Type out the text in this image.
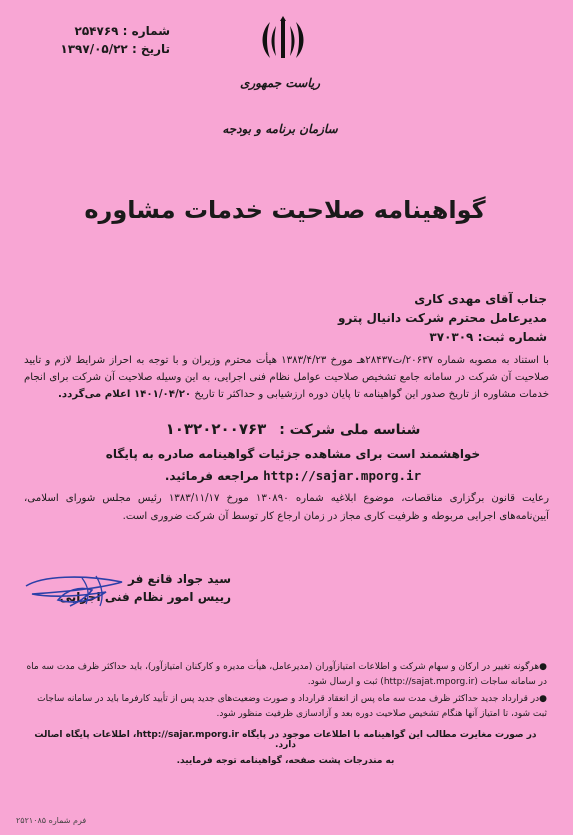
شماره : ۲۵۴۷۶۹
تاریخ : ۱۳۹۷/۰۵/۲۲
ریاست جمهوری
سازمان برنامه و بودجه
گواهینامه صلاحیت خدمات مشاوره
جناب آقای مهدی کاری
مدیرعامل محترم شرکت دانیال پترو
شماره ثبت: ۳۷۰۳۰۹
با استناد به مصوبه شماره ۲۰۶۳۷/ت۲۸۴۳۷هـ مورخ ۱۳۸۳/۴/۲۳ هیأت محترم وزیران و با توجه به احراز شرایط لازم و تایید صلاحیت آن شرکت در سامانه جامع تشخیص صلاحیت عوامل نظام فنی اجرایی، به این وسیله صلاحیت آن شرکت برای انجام خدمات مشاوره از تاریخ صدور این گواهینامه تا پایان دوره ارزشیابی و حداکثر تا تاریخ ۱۴۰۱/۰۴/۲۰ اعلام می‌گردد.
شناسه ملی شرکت : ۱۰۳۲۰۲۰۰۷۶۳
خواهشمند است برای مشاهده جزئیات گواهینامه صادره به پایگاه
http://sajar.mporg.ir مراجعه فرمائید.
رعایت قانون برگزاری مناقصات، موضوع ابلاغیه شماره ۱۳۰۸۹۰ مورخ ۱۳۸۳/۱۱/۱۷ رئیس مجلس شورای اسلامی، آیین‌نامه‌های اجرایی مربوطه و ظرفیت کاری مجاز در زمان ارجاع کار توسط آن شرکت ضروری است.
سید جواد قانع فر
رییس امور نظام فنی اجرایی

●هرگونه تغییر در ارکان و سهام شرکت و اطلاعات امتیازآوران (مدیرعامل، هیأت مدیره و کارکنان امتیازآور)، باید حداکثر ظرف مدت سه ماه در سامانه ساجات (http://sajat.mporg.ir) ثبت و ارسال شود.

●در قرارداد جدید حداکثر ظرف مدت سه ماه پس از انعقاد قرارداد و صورت وضعیت‌های جدید پس از تأیید کارفرما باید در سامانه ساجات ثبت شود، تا امتیاز آنها هنگام تشخیص صلاحیت دوره بعد و آزادسازی ظرفیت منظور شود.

در صورت مغایرت مطالب این گواهینامه با اطلاعات موجود در پایگاه http://sajar.mporg.ir، اطلاعات پایگاه اصالت دارد.
به مندرجات پشت صفحه، گواهینامه توجه فرمایید.
فرم شماره ۲۵۲۱۰۸۵
